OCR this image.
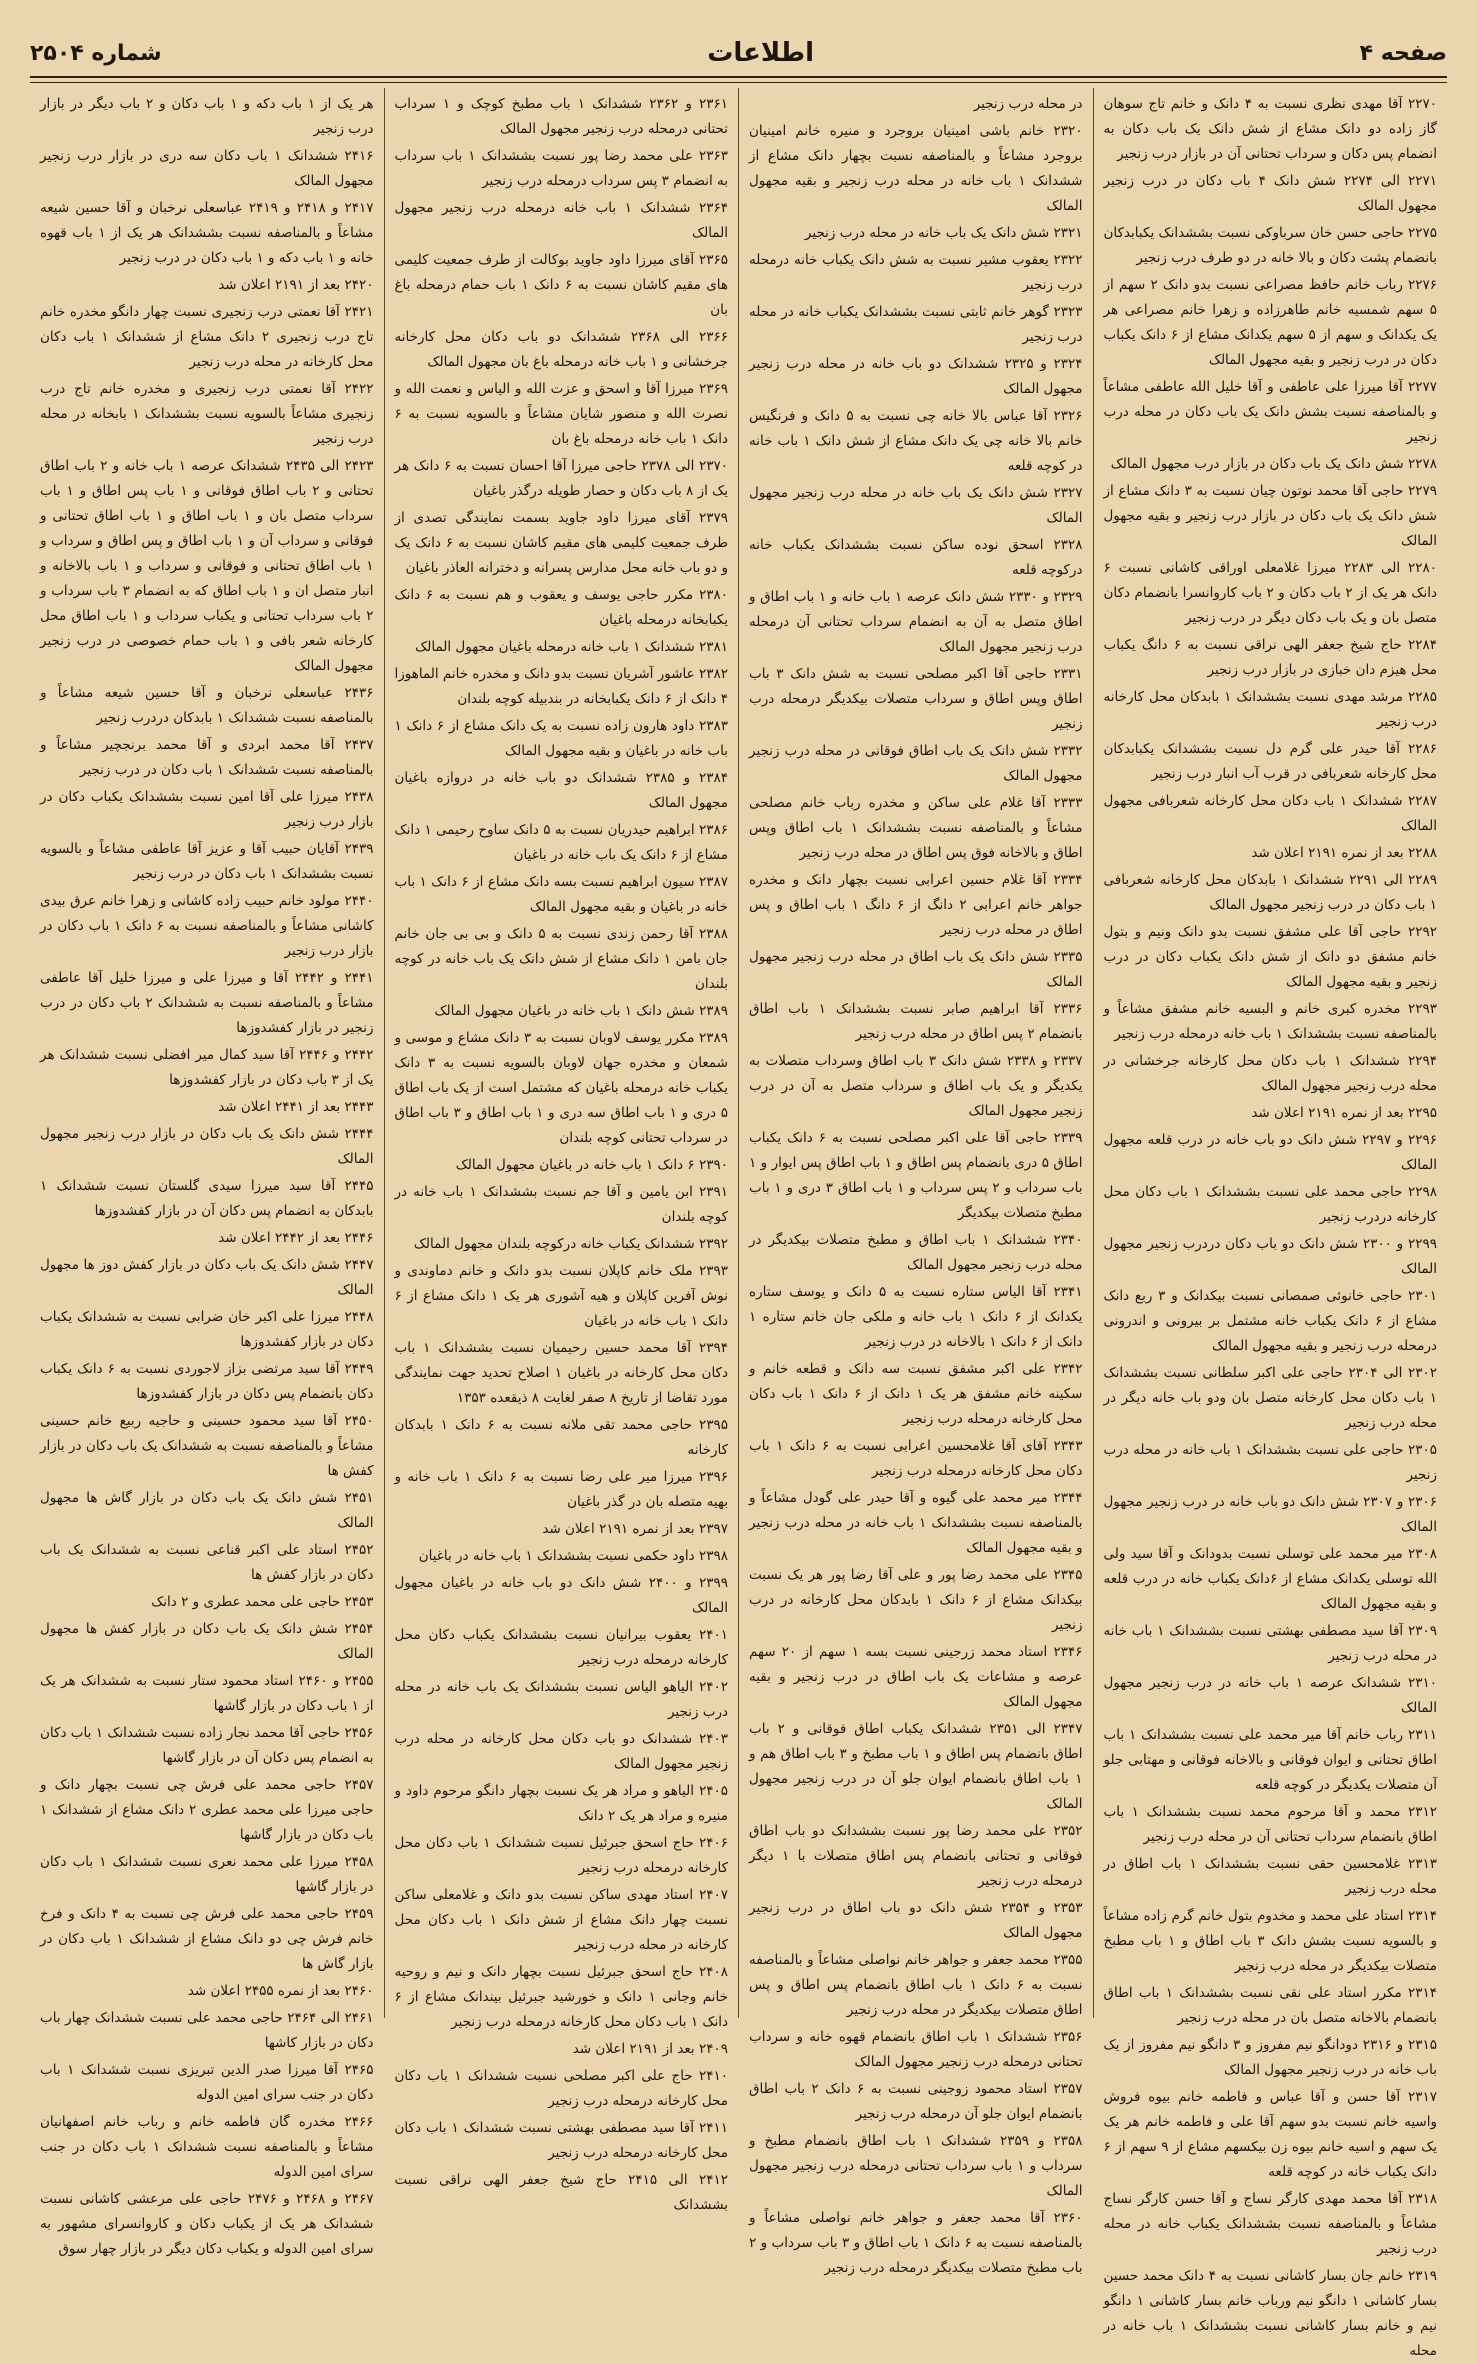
صفحه ۴
اطلاعات
شماره ۲۵۰۴

۲۲۷۰ آقا مهدی نظری نسبت به ۴ دانک و خانم تاج سوهان گاز زاده دو دانک مشاع از شش دانک یک باب دکان به انضمام پس دکان و سرداب تحتانی آن در بازار درب زنجیر

۲۲۷۱ الی ۲۲۷۴ شش دانک ۴ باب دکان در درب زنجیر مجهول المالک

۲۲۷۵ حاجی حسن خان سرباوکی نسبت بششدانک یکبابدکان بانضمام پشت دکان و بالا خانه در دو طرف درب زنجیر

۲۲۷۶ رباب خانم حافظ مصراعی نسبت بدو دانک ۲ سهم از ۵ سهم شمسیه خانم طاهرزاده و زهرا خانم مصراعی هر یک یکدانک و سهم از ۵ سهم یکدانک مشاع از ۶ دانک یکباب دکان در درب زنجیر و بقیه مجهول المالک

۲۲۷۷ آقا میرزا علی عاطفی و آقا خلیل الله عاطفی مشاعاً و بالمناصفه نسبت بشش دانک یک باب دکان در محله درب زنجیر

۲۲۷۸ شش دانک یک باب دکان در بازار درب مجهول المالک

۲۲۷۹ حاجی آقا محمد نوتون چیان نسبت به ۳ دانک مشاع از شش دانک یک باب دکان در بازار درب زنجیر و بقیه مجهول المالک

۲۲۸۰ الی ۲۲۸۳ میرزا غلامعلی اوراقی کاشانی نسبت ۶ دانک هر یک از ۲ باب دکان و ۲ باب کاروانسرا بانضمام دکان متصل بان و یک باب دکان دیگر در درب زنجیر

۲۲۸۴ حاج شیخ جعفر الهی نراقی نسبت به ۶ دانگ یکباب محل هیزم دان خبازی در بازار درب زنجیر

۲۲۸۵ مرشد مهدی نسبت بششدانک ۱ بابدکان محل کارخانه درب زنجیر

۲۲۸۶ آقا حیدر علی گرم دل نسبت بششدانک یکبابدکان محل کارخانه شعربافی در قرب آب انبار درب زنجیر

۲۲۸۷ ششدانک ۱ باب دکان محل کارخانه شعربافی مجهول المالک

۲۲۸۸ بعد از نمره ۲۱۹۱ اعلان شد

۲۲۸۹ الی ۲۲۹۱ ششدانک ۱ بابدکان محل کارخانه شعربافی ۱ باب دکان در درب زنجیر مجهول المالک

۲۲۹۲ حاجی آقا علی مشفق نسبت بدو دانک ونیم و بتول خانم مشفق دو دانک از شش دانک یکباب دکان در درب زنجیر و بقیه مجهول المالک

۲۲۹۳ مخدره کبری خانم و البسیه خانم مشفق مشاعاً و بالمناصفه نسبت بششدانک ۱ باب خانه درمحله درب زنجیر

۲۲۹۴ ششدانک ۱ باب دکان محل کارخانه جرخشانی در محله درب زنجیر مجهول المالک

۲۲۹۵ بعد از نمره ۲۱۹۱ اعلان شد

۲۲۹۶ و ۲۲۹۷ شش دانک دو باب خانه در درب قلعه مجهول المالک

۲۲۹۸ حاجی محمد علی نسبت بششدانک ۱ باب دکان محل کارخانه دردرب زنجیر

۲۲۹۹ و ۲۳۰۰ شش دانک دو باب دکان دردرب زنجیر مجهول المالک

۲۳۰۱ حاجی خانوئی صمصانی نسبت بیکدانک و ۳ ربع دانک مشاع از ۶ دانک یکباب خانه مشتمل بر بیرونی و اندرونی درمحله درب زنجیر و بقیه مجهول المالک

۲۳۰۲ الی ۲۳۰۴ حاجی علی اکبر سلطانی نسبت بششدانک ۱ باب دکان محل کارخانه متصل بان ودو باب خانه دیگر در محله درب زنجیر

۲۳۰۵ حاجی علی نسبت بششدانک ۱ باب خانه در محله درب زنجیر

۲۳۰۶ و ۲۳۰۷ شش دانک دو باب خانه در درب زنجیر مجهول المالک

۲۳۰۸ میر محمد علی توسلی نسبت بدودانک و آقا سید ولی الله توسلی یکدانک مشاع از ۶دانک یکباب خانه در درب قلعه و بقیه مجهول المالک

۲۳۰۹ آقا سید مصطفی بهشتی نسبت بششدانک ۱ باب خانه در محله درب زنجیر

۲۳۱۰ ششدانک عرصه ۱ باب خانه در درب زنجیر مجهول المالک

۲۳۱۱ رباب خانم آقا میر محمد علی نسبت بششدانک ۱ باب اطاق تحتانی و ایوان فوقانی و بالاخانه فوقانی و مهتابی جلو آن متصلات یکدیگر در کوچه قلعه

۲۳۱۲ محمد و آقا مرحوم محمد نسبت بششدانک ۱ باب اطاق بانضمام سرداب تحتانی آن در محله درب زنجیر

۲۳۱۳ غلامحسین حقی نسبت بششدانک ۱ باب اطاق در محله درب زنجیر

۲۳۱۴ استاد علی محمد و مخدوم بتول خانم گرم زاده مشاعاً و بالسویه نسبت بشش دانک ۳ باب اطاق و ۱ باب مطبخ متصلات بیکدیگر در محله درب زنجیر

۲۳۱۴ مکرر استاد علی نقی نسبت بششدانک ۱ باب اطاق بانضمام بالاخانه متصل بان در محله درب زنجیر

۲۳۱۵ و ۲۳۱۶ دودانگو نیم مفروز و ۳ دانگو نیم مفروز از یک باب خانه در درب زنجیر مجهول المالک

۲۳۱۷ آقا حسن و آقا عباس و فاطمه خانم بیوه فروش واسیه خانم نسبت بدو سهم آقا علی و فاطمه خانم هر یک یک سهم و اسیه خانم بیوه زن بیکسهم مشاع از ۹ سهم از ۶ دانک یکباب خانه در کوچه قلعه

۲۳۱۸ آقا محمد مهدی کارگر نساج و آقا حسن کارگر نساج مشاعاً و بالمناصفه نسبت بششدانک یکباب خانه در محله درب زنجیر

۲۳۱۹ خانم جان بسار کاشانی نسبت به ۴ دانک محمد حسین بسار کاشانی ۱ دانگو نیم ورباب خانم بسار کاشانی ۱ دانگو نیم و خانم بسار کاشانی نسبت بششدانک ۱ باب خانه در محله

در محله درب زنجیر

۲۳۲۰ خانم باشی امینیان بروجرد و منیره خانم امینیان بروجرد مشاعاً و بالمناصفه نسبت بچهار دانک مشاع از ششدانک ۱ باب خانه در محله درب زنجیر و بقیه مجهول المالک

۲۳۲۱ شش دانک یک باب خانه در محله درب زنجیر

۲۳۲۲ یعقوب مشیر نسبت به شش دانک یکباب خانه درمحله درب زنجیر

۲۳۲۳ گوهر خانم ثابتی نسبت بششدانک یکباب خانه در محله درب زنجیر

۲۳۲۴ و ۲۳۲۵ ششدانک دو باب خانه در محله درب زنجیر مجهول المالک

۲۳۲۶ آقا عباس بالا خانه چی نسبت به ۵ دانک و فرنگیس خانم بالا خانه چی یک دانک مشاع از شش دانک ۱ باب خانه در کوچه قلعه

۲۳۲۷ شش دانک یک باب خانه در محله درب زنجیر مجهول المالک

۲۳۲۸ اسحق نوده ساکن نسبت بششدانک یکباب خانه درکوچه قلعه

۲۳۲۹ و ۲۳۳۰ شش دانک عرصه ۱ باب خانه و ۱ باب اطاق و اطاق متصل به آن به انضمام سرداب تحتانی آن درمحله درب زنجیر مجهول المالک

۲۳۳۱ حاجی آقا اکبر مصلحی نسبت به شش دانک ۳ باب اطاق وپس اطاق و سرداب متصلات بیکدیگر درمحله درب زنجیر

۲۳۳۲ شش دانک یک باب اطاق فوقانی در محله درب زنجیر مجهول المالک

۲۳۳۳ آقا غلام علی ساکن و مخدره رباب خانم مصلحی مشاعاً و بالمناصفه نسبت بششدانک ۱ باب اطاق وپس اطاق و بالاخانه فوق پس اطاق در محله درب زنجیر

۲۳۳۴ آقا غلام حسین اعرابی نسبت بچهار دانک و مخدره جواهر خانم اعرابی ۲ دانگ از ۶ دانگ ۱ باب اطاق و پس اطاق در محله درب زنجیر

۲۳۳۵ شش دانک یک باب اطاق در محله درب زنجیر مجهول المالک

۲۳۳۶ آقا ابراهیم صابر نسبت بششدانک ۱ باب اطاق بانضمام ۲ پس اطاق در محله درب زنجیر

۲۳۳۷ و ۲۳۳۸ شش دانک ۳ باب اطاق وسرداب متصلات به یکدیگر و یک باب اطاق و سرداب متصل به آن در درب زنجیر مجهول المالک

۲۳۳۹ حاجی آقا علی اکبر مصلحی نسبت به ۶ دانک یکباب اطاق ۵ دری بانضمام پس اطاق و ۱ باب اطاق پس ایوار و ۱ باب سرداب و ۲ پس سرداب و ۱ باب اطاق ۳ دری و ۱ باب مطبخ متصلات بیکدیگر

۲۳۴۰ ششدانک ۱ باب اطاق و مطبخ متصلات بیکدیگر در محله درب زنجیر مجهول المالک

۲۳۴۱ آقا الیاس ستاره نسبت به ۵ دانک و یوسف ستاره یکدانک از ۶ دانک ۱ باب خانه و ملکی جان خانم ستاره ۱ دانک از ۶ دانک ۱ بالاخانه در درب زنجیر

۲۳۴۲ علی اکبر مشفق نسبت سه دانک و قطعه خانم و سکینه خانم مشفق هر یک ۱ دانک از ۶ دانک ۱ باب دکان محل کارخانه درمحله درب زنجیر

۲۳۴۳ آقای آقا غلامحسین اعرابی نسبت به ۶ دانک ۱ باب دکان محل کارخانه درمحله درب زنجیر

۲۳۴۴ میر محمد علی گیوه و آقا حیدر علی گودل مشاعاً و بالمناصفه نسبت بششدانک ۱ باب خانه در محله درب زنجیر و بقیه مجهول المالک

۲۳۴۵ علی محمد رضا پور و علی آقا رضا پور هر یک نسبت بیکدانک مشاع از ۶ دانک ۱ بابدکان محل کارخانه در درب زنجیر

۲۳۴۶ استاد محمد زرجینی نسبت بسه ۱ سهم از ۲۰ سهم عرصه و مشاعات یک باب اطاق در درب زنجیر و بقیه مجهول المالک

۲۳۴۷ الی ۲۳۵۱ ششدانک یکباب اطاق فوقانی و ۲ باب اطاق بانضمام پس اطاق و ۱ باب مطبخ و ۳ باب اطاق هم و ۱ باب اطاق بانضمام ایوان جلو آن در درب زنجیر مجهول المالک

۲۳۵۲ علی محمد رضا پور نسبت بششدانک دو باب اطاق فوقانی و تحتانی بانضمام پس اطاق متصلات با ۱ دیگر درمحله درب زنجیر

۲۳۵۳ و ۲۳۵۴ شش دانک دو باب اطاق در درب زنجیر مجهول المالک

۲۳۵۵ محمد جعفر و جواهر خانم نواصلی مشاعاً و بالمناصفه نسبت به ۶ دانک ۱ باب اطاق بانضمام پس اطاق و پس اطاق متصلات بیکدیگر در محله درب زنجیر

۲۳۵۶ ششدانک ۱ باب اطاق بانضمام قهوه خانه و سرداب تحتانی درمحله درب زنجیر مجهول المالک

۲۳۵۷ استاد محمود زوجینی نسبت به ۶ دانک ۲ باب اطاق بانضمام ایوان جلو آن درمحله درب زنجیر

۲۳۵۸ و ۲۳۵۹ ششدانک ۱ باب اطاق بانضمام مطبخ و سرداب و ۱ باب سرداب تحتانی درمحله درب زنجیر مجهول المالک

۲۳۶۰ آقا محمد جعفر و جواهر خانم نواصلی مشاعاً و بالمناصفه نسبت به ۶ دانک ۱ باب اطاق و ۳ باب سرداب و ۲ باب مطبخ متصلات بیکدیگر درمحله درب زنجیر

۲۳۶۱ و ۲۳۶۲ ششدانک ۱ باب مطبخ کوچک و ۱ سرداب تحتانی درمحله درب زنجیر مجهول المالک

۲۳۶۳ علی محمد رضا پور نسبت بششدانک ۱ باب سرداب به انضمام ۳ پس سرداب درمحله درب زنجیر

۲۳۶۴ ششدانک ۱ باب خانه درمحله درب زنجیر مجهول المالک

۲۳۶۵ آقای میرزا داود جاوید بوکالت از طرف جمعیت کلیمی های مقیم کاشان نسبت به ۶ دانک ۱ باب حمام درمحله باغ بان

۲۳۶۶ الی ۲۳۶۸ ششدانک دو باب دکان محل کارخانه جرخشانی و ۱ باب خانه درمحله باغ بان مجهول المالک

۲۳۶۹ میرزا آقا و اسحق و عزت الله و الیاس و نعمت الله و نصرت الله و منصور شایان مشاعاً و بالسویه نسبت به ۶ دانک ۱ باب خانه درمحله باغ بان

۲۳۷۰ الی ۲۳۷۸ حاجی میرزا آقا احسان نسبت به ۶ دانک هر یک از ۸ باب دکان و حصار طویله درگذر باغیان

۲۳۷۹ آقای میرزا داود جاوید بسمت نمایندگی تصدی از طرف جمعیت کلیمی های مقیم کاشان نسبت به ۶ دانک یک و دو باب خانه محل مدارس پسرانه و دخترانه العاذر باغیان

۲۳۸۰ مکرر حاجی یوسف و یعقوب و هم نسبت به ۶ دانک یکبابخانه درمحله باغیان

۲۳۸۱ ششدانک ۱ باب خانه درمحله باغیان مجهول المالک

۲۳۸۲ عاشور آشریان نسبت بدو دانک و مخدره خانم الماهوزا ۴ دانک از ۶ دانک یکبابخانه در بندبیله کوچه بلندان

۲۳۸۳ داود هارون زاده نسبت به یک دانک مشاع از ۶ دانک ۱ باب خانه در باغیان و بقیه مجهول المالک

۲۳۸۴ و ۲۳۸۵ ششدانک دو باب خانه در دروازه باغیان مجهول المالک

۲۳۸۶ ابراهیم حیدریان نسبت به ۵ دانک ساوح رحیمی ۱ دانک مشاع از ۶ دانک یک باب خانه در باغیان

۲۳۸۷ سیون ابراهیم نسبت بسه دانک مشاع از ۶ دانک ۱ باب خانه در باغیان و بقیه مجهول المالک

۲۳۸۸ آقا رحمن زندی نسبت به ۵ دانک و بی بی جان خانم جان بامن ۱ دانک مشاع از شش دانک یک باب خانه در کوچه بلندان

۲۳۸۹ شش دانک ۱ باب خانه در باغیان مجهول المالک

۲۳۸۹ مکرر یوسف لاوبان نسبت به ۳ دانک مشاع و موسی و شمعان و مخدره جهان لاوبان بالسویه نسبت به ۳ دانک یکباب خانه درمحله باغیان که مشتمل است از یک باب اطاق ۵ دری و ۱ باب اطاق سه دری و ۱ باب اطاق و ۳ باب اطاق در سرداب تحتانی کوچه بلندان

۲۳۹۰ ۶ دانک ۱ باب خانه در باغیان مجهول المالک

۲۳۹۱ ابن یامین و آقا جم نسبت بششدانک ۱ باب خانه در کوچه بلندان

۲۳۹۲ ششدانک یکباب خانه درکوچه بلندان مجهول المالک

۲۳۹۳ ملک خانم کاپلان نسبت بدو دانک و خانم دماوندی و نوش آفرین کاپلان و هیه آشوری هر یک ۱ دانک مشاع از ۶ دانک ۱ باب خانه در باغیان

۲۳۹۴ آقا محمد حسین رحیمیان نسبت بششدانک ۱ باب دکان محل کارخانه در باغیان ۱ اصلاح تحدید جهت نمایندگی مورد تقاضا از تاریخ ۸ صفر لغایت ۸ ذیقعده ۱۳۵۳

۲۳۹۵ حاجی محمد تقی ملانه نسبت به ۶ دانک ۱ بابدکان کارخانه

۲۳۹۶ میرزا میر علی رضا نسبت به ۶ دانک ۱ باب خانه و بهیه متصله بان در گذر باغیان

۲۳۹۷ بعد از نمره ۲۱۹۱ اعلان شد

۲۳۹۸ داود حکمی نسبت بششدانک ۱ باب خانه در باغیان

۲۳۹۹ و ۲۴۰۰ شش دانک دو باب خانه در باغیان مجهول المالک

۲۴۰۱ یعقوب بیرانیان نسبت بششدانک یکباب دکان محل کارخانه درمحله درب زنجیر

۲۴۰۲ الیاهو الیاس نسبت بششدانک یک باب خانه در محله درب زنجیر

۲۴۰۳ ششدانک دو باب دکان محل کارخانه در محله درب زنجیر مجهول المالک

۲۴۰۵ الیاهو و مراد هر یک نسبت بچهار دانگو مرحوم داود و منیره و مراد هر یک ۲ دانک

۲۴۰۶ حاج اسحق جبرئیل نسبت ششدانک ۱ باب دکان محل کارخانه درمحله درب زنجیر

۲۴۰۷ استاد مهدی ساکن نسبت بدو دانک و غلامعلی ساکن نسبت چهار دانک مشاع از شش دانک ۱ باب دکان محل کارخانه در محله درب زنجیر

۲۴۰۸ حاج اسحق جبرئیل نسبت بچهار دانک و نیم و روحیه خانم وجانی ۱ دانک و خورشید جبرئیل بیندانک مشاع از ۶ دانک ۱ باب دکان محل کارخانه درمحله درب زنجیر

۲۴۰۹ بعد از ۲۱۹۱ اعلان شد

۲۴۱۰ حاج علی اکبر مصلحی نسبت ششدانک ۱ باب دکان محل کارخانه درمحله درب زنجیر

۲۴۱۱ آقا سید مصطفی بهشتی نسبت ششدانک ۱ باب دکان محل کارخانه درمحله درب زنجیر

۲۴۱۲ الی ۲۴۱۵ حاج شیخ جعفر الهی نراقی نسبت بششدانک

هر یک از ۱ باب دکه و ۱ باب دکان و ۲ باب دیگر در بازار درب زنجیر

۲۴۱۶ ششدانک ۱ باب دکان سه دری در بازار درب زنجیر مجهول المالک

۲۴۱۷ و ۲۴۱۸ و ۲۴۱۹ عباسعلی نرخبان و آقا حسین شیعه مشاعاً و بالمناصفه نسبت بششدانک هر یک از ۱ باب قهوه خانه و ۱ باب دکه و ۱ باب دکان در درب زنجیر

۲۴۲۰ بعد از ۲۱۹۱ اعلان شد

۲۴۲۱ آقا نعمتی درب زنجیری نسبت چهار دانگو مخدره خانم تاج درب زنجیری ۲ دانک مشاع از ششدانک ۱ باب دکان محل کارخانه در محله درب زنجیر

۲۴۲۲ آقا نعمتی درب زنجیری و مخدره خانم تاج درب زنجیری مشاعاً بالسویه نسبت بششدانک ۱ بابخانه در محله درب زنجیر

۲۴۲۳ الی ۲۴۳۵ ششدانک عرصه ۱ باب خانه و ۲ باب اطاق تحتانی و ۲ باب اطاق فوقانی و ۱ باب پس اطاق و ۱ باب سرداب متصل بان و ۱ باب اطاق و ۱ باب اطاق تحتانی و فوقانی و سرداب آن و ۱ باب اطاق و پس اطاق و سرداب و ۱ باب اطاق تحتانی و فوقانی و سرداب و ۱ باب بالاخانه و انبار متصل ان و ۱ باب اطاق که به انضمام ۳ باب سرداب و ۲ باب سرداب تحتانی و یکباب سرداب و ۱ باب اطاق محل کارخانه شعر بافی و ۱ باب حمام خصوصی در درب زنجیر مجهول المالک

۲۴۳۶ عباسعلی نرخبان و آقا حسین شیعه مشاعاً و بالمناصفه نسبت ششدانک ۱ بابدکان دردرب زنجیر

۲۴۳۷ آقا محمد ابردی و آقا محمد برنجچیر مشاعاً و بالمناصفه نسبت ششدانک ۱ باب دکان در درب زنجیر

۲۴۳۸ میرزا علی آقا امین نسبت بششدانک یکباب دکان در بازار درب زنجیر

۲۴۳۹ آقایان حبیب آقا و عزیز آقا عاطفی مشاعاً و بالسویه نسبت بششدانک ۱ باب دکان در درب زنجیر

۲۴۴۰ مولود خانم حبیب زاده کاشانی و زهرا خانم عرق بیدی کاشانی مشاعاً و بالمناصفه نسبت به ۶ دانک ۱ باب دکان در بازار درب زنجیر

۲۴۴۱ و ۲۴۴۲ آقا و میرزا علی و میرزا خلیل آقا عاطفی مشاعاً و بالمناصفه نسبت به ششدانک ۲ باب دکان در درب زنجیر در بازار کفشدوزها

۲۴۴۲ و ۲۴۴۶ آقا سید کمال میر افضلی نسبت ششدانک هر یک از ۳ باب دکان در بازار کفشدوزها

۲۴۴۳ بعد از ۲۴۴۱ اعلان شد

۲۴۴۴ شش دانک یک باب دکان در بازار درب زنجیر مجهول المالک

۲۴۴۵ آقا سید میرزا سیدی گلستان نسبت ششدانک ۱ بابدکان به انضمام پس دکان آن در بازار کفشدوزها

۲۴۴۶ بعد از ۲۴۴۲ اعلان شد

۲۴۴۷ شش دانک یک باب دکان در بازار کفش دوز ها مجهول المالک

۲۴۴۸ میرزا علی اکبر خان ضرابی نسبت به ششدانک یکباب دکان در بازار کفشدوزها

۲۴۴۹ آقا سید مرتضی بزاز لاجوردی نسبت به ۶ دانک یکباب دکان بانضمام پس دکان در بازار کفشدوزها

۲۴۵۰ آقا سید محمود حسینی و حاجیه ربیع خانم حسینی مشاعاً و بالمناصفه نسبت به ششدانک یک باب دکان در بازار کفش ها

۲۴۵۱ شش دانک یک باب دکان در بازار گاش ها مجهول المالک

۲۴۵۲ استاد علی اکبر قناعی نسبت به ششدانک یک باب دکان در بازار کفش ها

۲۴۵۳ حاجی علی محمد عطری و ۲ دانک

۲۴۵۴ شش دانک یک باب دکان در بازار کفش ها مجهول المالک

۲۴۵۵ و ۲۴۶۰ استاد محمود ستار نسبت به ششدانک هر یک از ۱ باب دکان در بازار گاشها

۲۴۵۶ حاجی آقا محمد نجار زاده نسبت ششدانک ۱ باب دکان به انضمام پس دکان آن در بازار گاشها

۲۴۵۷ حاجی محمد علی فرش چی نسبت بچهار دانک و حاجی میرزا علی محمد عطری ۲ دانک مشاع از ششدانک ۱ باب دکان در بازار گاشها

۲۴۵۸ میرزا علی محمد نعری نسبت ششدانک ۱ باب دکان در بازار گاشها

۲۴۵۹ حاجی محمد علی فرش چی نسبت به ۴ دانک و فرخ خانم فرش چی دو دانک مشاع از ششدانک ۱ باب دکان در بازار گاش ها

۲۴۶۰ بعد از نمره ۲۴۵۵ اعلان شد

۲۴۶۱ الی ۲۴۶۴ حاجی محمد علی نسبت ششدانک چهار باب دکان در بازار کاشها

۲۴۶۵ آقا میرزا صدر الدین تبریزی نسبت ششدانک ۱ باب دکان در جنب سرای امین الدوله

۲۴۶۶ مخدره گان فاطمه خانم و رباب خانم اصفهانیان مشاعاً و بالمناصفه نسبت ششدانک ۱ باب دکان در جنب سرای امین الدوله

۲۴۶۷ و ۲۴۶۸ و ۲۴۷۶ حاجی علی مرعشی کاشانی نسبت ششدانک هر یک از یکباب دکان و کاروانسرای مشهور به سرای امین الدوله و یکباب دکان دیگر در بازار چهار سوق
